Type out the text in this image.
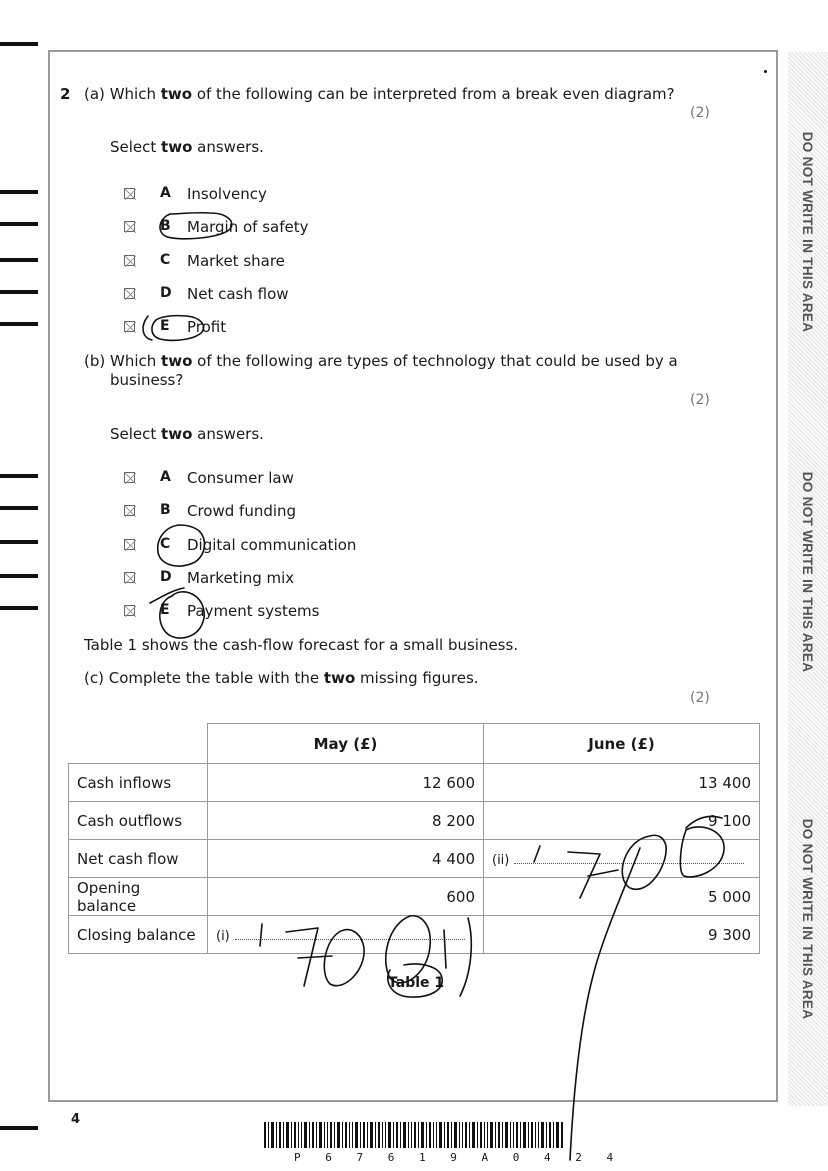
DO NOT WRITE IN THIS AREA
DO NOT WRITE IN THIS AREA
DO NOT WRITE IN THIS AREA
2 (a) Which two of the following can be interpreted from a break even diagram?
(2)
Select two answers.
A Insolvency
B Margin of safety
C Market share
D Net cash flow
E Profit
(b) Which two of the following are types of technology that could be used by a
business?
(2)
Select two answers.
A Consumer law
B Crowd funding
C Digital communication
D Marketing mix
E Payment systems
Table 1 shows the cash-flow forecast for a small business.
(c) Complete the table with the two missing figures.
(2)
	May (£)	June (£)
Cash inflows	12 600	13 400
Cash outflows	8 200	9 100
Net cash flow	4 400	(ii)
Opening balance	600	5 000
Closing balance	(i)	9 300
Table 1
4
P 6 7 6 1 9 A 0 4 2 4
